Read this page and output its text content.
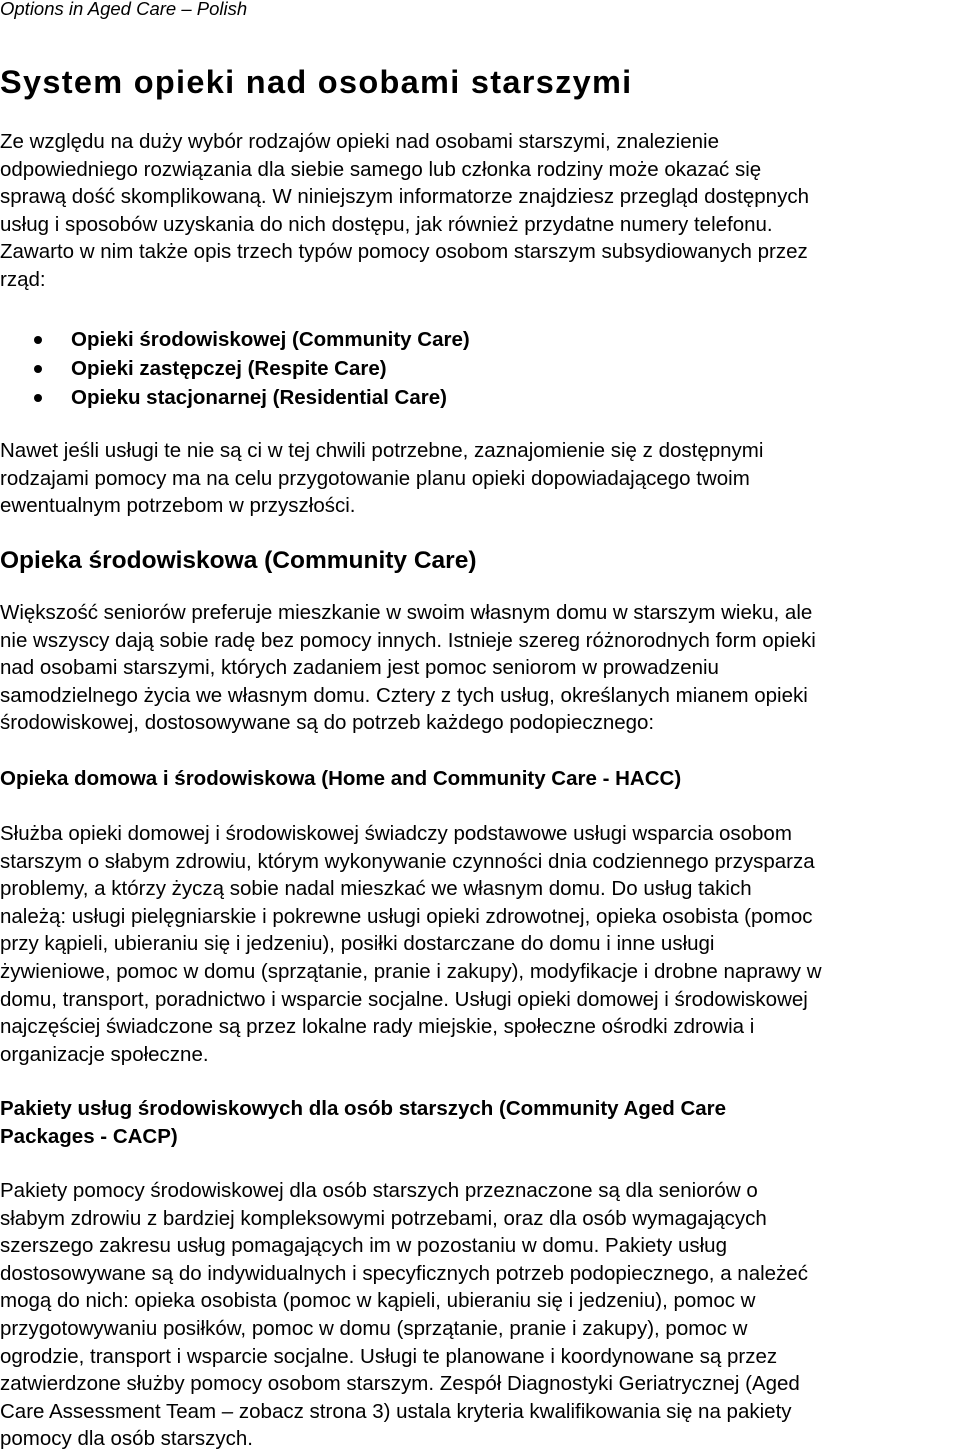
Options in Aged Care – Polish
System opieki nad osobami starszymi

Ze względu na duży wybór rodzajów opieki nad osobami starszymi, znalezienie
odpowiedniego rozwiązania dla siebie samego lub członka rodziny może okazać się
sprawą dość skomplikowaną. W niniejszym informatorze znajdziesz przegląd dostępnych
usług i sposobów uzyskania do nich dostępu, jak również przydatne numery telefonu.
Zawarto w nim także opis trzech typów pomocy osobom starszym subsydiowanych przez
rząd:

Opieki środowiskowej (Community Care)
Opieki zastępczej (Respite Care)
Opieku stacjonarnej (Residential Care)

Nawet jeśli usługi te nie są ci w tej chwili potrzebne, zaznajomienie się z dostępnymi
rodzajami pomocy ma na celu przygotowanie planu opieki dopowiadającego twoim
ewentualnym potrzebom w przyszłości.

Opieka środowiskowa (Community Care)

Większość seniorów preferuje mieszkanie w swoim własnym domu w starszym wieku, ale
nie wszyscy dają sobie radę bez pomocy innych. Istnieje szereg różnorodnych form opieki
nad osobami starszymi, których zadaniem jest pomoc seniorom w prowadzeniu
samodzielnego życia we własnym domu. Cztery z tych usług, określanych mianem opieki
środowiskowej, dostosowywane są do potrzeb każdego podopiecznego:

Opieka domowa i środowiskowa (Home and Community Care - HACC)

Służba opieki domowej i środowiskowej świadczy podstawowe usługi wsparcia osobom
starszym o słabym zdrowiu, którym wykonywanie czynności dnia codziennego przysparza
problemy, a którzy życzą sobie nadal mieszkać we własnym domu. Do usług takich
należą: usługi pielęgniarskie i pokrewne usługi opieki zdrowotnej, opieka osobista (pomoc
przy kąpieli, ubieraniu się i jedzeniu), posiłki dostarczane do domu i inne usługi
żywieniowe, pomoc w domu (sprzątanie, pranie i zakupy), modyfikacje i drobne naprawy w
domu, transport, poradnictwo i wsparcie socjalne. Usługi opieki domowej i środowiskowej
najczęściej świadczone są przez lokalne rady miejskie, społeczne ośrodki zdrowia i
organizacje społeczne.

Pakiety usług środowiskowych dla osób starszych (Community Aged Care
Packages - CACP)

Pakiety pomocy środowiskowej dla osób starszych przeznaczone są dla seniorów o
słabym zdrowiu z bardziej kompleksowymi potrzebami, oraz dla osób wymagających
szerszego zakresu usług pomagających im w pozostaniu w domu. Pakiety usług
dostosowywane są do indywidualnych i specyficznych potrzeb podopiecznego, a należeć
mogą do nich: opieka osobista (pomoc w kąpieli, ubieraniu się i jedzeniu), pomoc w
przygotowywaniu posiłków, pomoc w domu (sprzątanie, pranie i zakupy), pomoc w
ogrodzie, transport i wsparcie socjalne. Usługi te planowane i koordynowane są przez
zatwierdzone służby pomocy osobom starszym. Zespół Diagnostyki Geriatrycznej (Aged
Care Assessment Team – zobacz strona 3) ustala kryteria kwalifikowania się na pakiety
pomocy dla osób starszych.
